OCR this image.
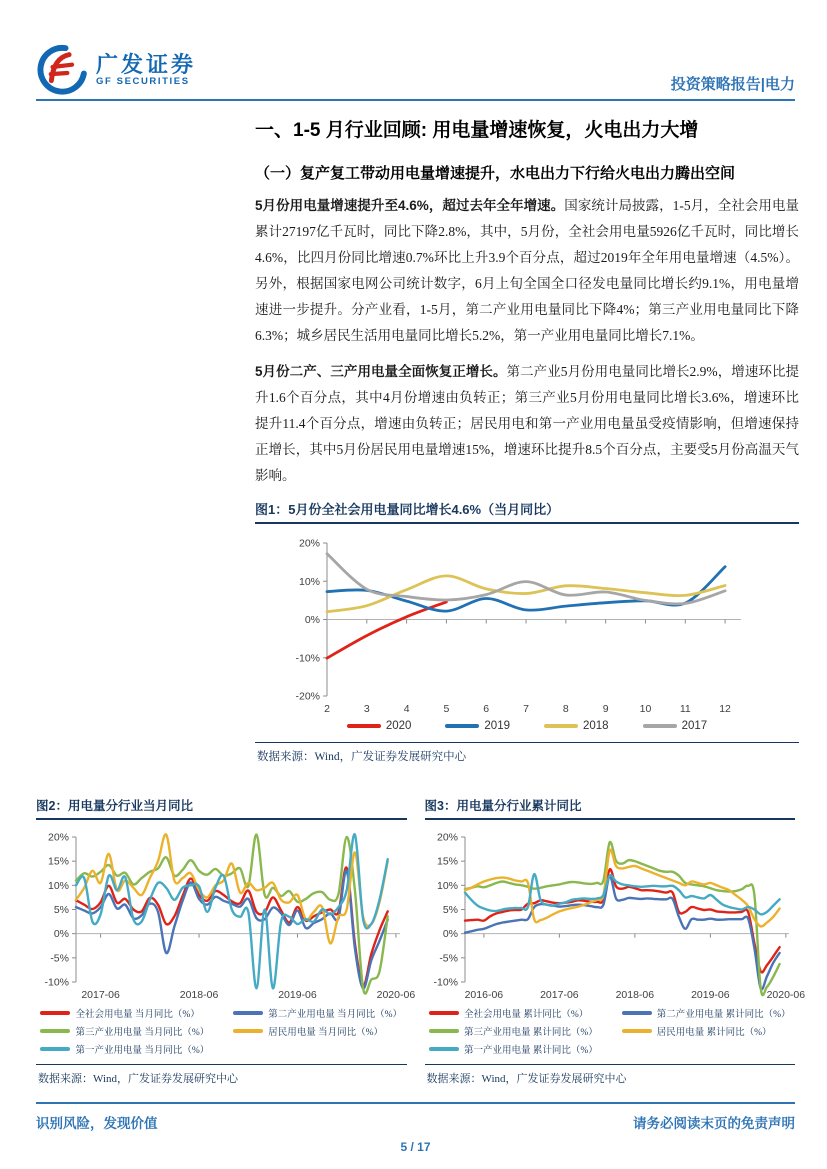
广发证券
GF SECURITIES	投资策略报告|电力
一、1-5 月行业回顾: 用电量增速恢复，火电出力大增
（一）复产复工带动用电量增速提升，水电出力下行给火电出力腾出空间

5月份用电量增速提升至4.6%，超过去年全年增速。国家统计局披露，1-5月，全社会用电量累计27197亿千瓦时，同比下降2.8%，其中，5月份，全社会用电量5926亿千瓦时，同比增长4.6%，比四月份同比增速0.7%环比上升3.9个百分点，超过2019年全年用电量增速（4.5%）。另外，根据国家电网公司统计数字，6月上旬全国全口径发电量同比增长约9.1%，用电量增速进一步提升。分产业看，1-5月，第二产业用电量同比下降4%；第三产业用电量同比下降6.3%；城乡居民生活用电量同比增长5.2%，第一产业用电量同比增长7.1%。

5月份二产、三产用电量全面恢复正增长。第二产业5月份用电量同比增长2.9%，增速环比提升1.6个百分点，其中4月份增速由负转正；第三产业5月份用电量同比增长3.6%，增速环比提升11.4个百分点，增速由负转正；居民用电和第一产业用电量虽受疫情影响，但增速保持正增长，其中5月份居民用电量增速15%，增速环比提升8.5个百分点，主要受5月份高温天气影响。

图1：5月份全社会用电量同比增长4.6%（当月同比）
20%
10%
0%
-10%
-20%
2	3	4	5	6	7	8	9	10	11	12
2020	2019	2018	2017
数据来源：Wind，广发证券发展研究中心
图2：用电量分行业当月同比
20%
15%
10%
5%
0%
-5%
-10%
2017-06	2018-06	2019-06	2020-06
全社会用电量 当月同比（%）	第二产业用电量 当月同比（%）
第三产业用电量 当月同比（%）	居民用电量 当月同比（%）
第一产业用电量 当月同比（%）
数据来源：Wind，广发证券发展研究中心
图3：用电量分行业累计同比
20%
15%
10%
5%
0%
-5%
-10%
2016-06	2017-06	2018-06	2019-06	2020-06
全社会用电量 累计同比（%）	第二产业用电量 累计同比（%）
第三产业用电量 累计同比（%）	居民用电量 累计同比（%）
第一产业用电量 累计同比（%）
数据来源：Wind，广发证券发展研究中心
识别风险，发现价值	请务必阅读末页的免责声明
5 / 17
